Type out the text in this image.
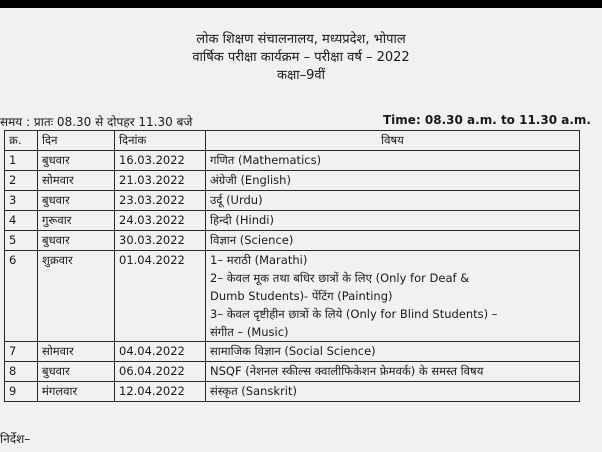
लोक शिक्षण संचालनालय, मध्यप्रदेश, भोपाल
वार्षिक परीक्षा कार्यक्रम – परीक्षा वर्ष – 2022
कक्षा–9वीं
समय : प्रातः 08.30 से दोपहर 11.30 बजे	Time: 08.30 a.m. to 11.30 a.m.
क्र.	दिन	दिनांक	विषय
1	बुधवार	16.03.2022	गणित (Mathematics)

2	सोमवार	21.03.2022	अंग्रेजी (English)

3	बुधवार	23.03.2022	उर्दू (Urdu)

4	गुरूवार	24.03.2022	हिन्दी (Hindi)

5	बुधवार	30.03.2022	विज्ञान (Science)

6	शुक्रवार	01.04.2022	1– मराठी (Marathi)
2– केवल मूक तथा बधिर छात्रों के लिए (Only for Deaf &
Dumb Students)- पेंटिंग (Painting)
3– केवल दृष्टीहीन छात्रों के लिये (Only for Blind Students) –
संगीत – (Music)

7	सोमवार	04.04.2022	सामाजिक विज्ञान (Social Science)

8	बुधवार	06.04.2022	NSQF (नेशनल स्कील्स क्वालीफिकेशन फ्रेमवर्क) के समस्त विषय

9	मंगलवार	12.04.2022	संस्कृत (Sanskrit)
निर्देश–
